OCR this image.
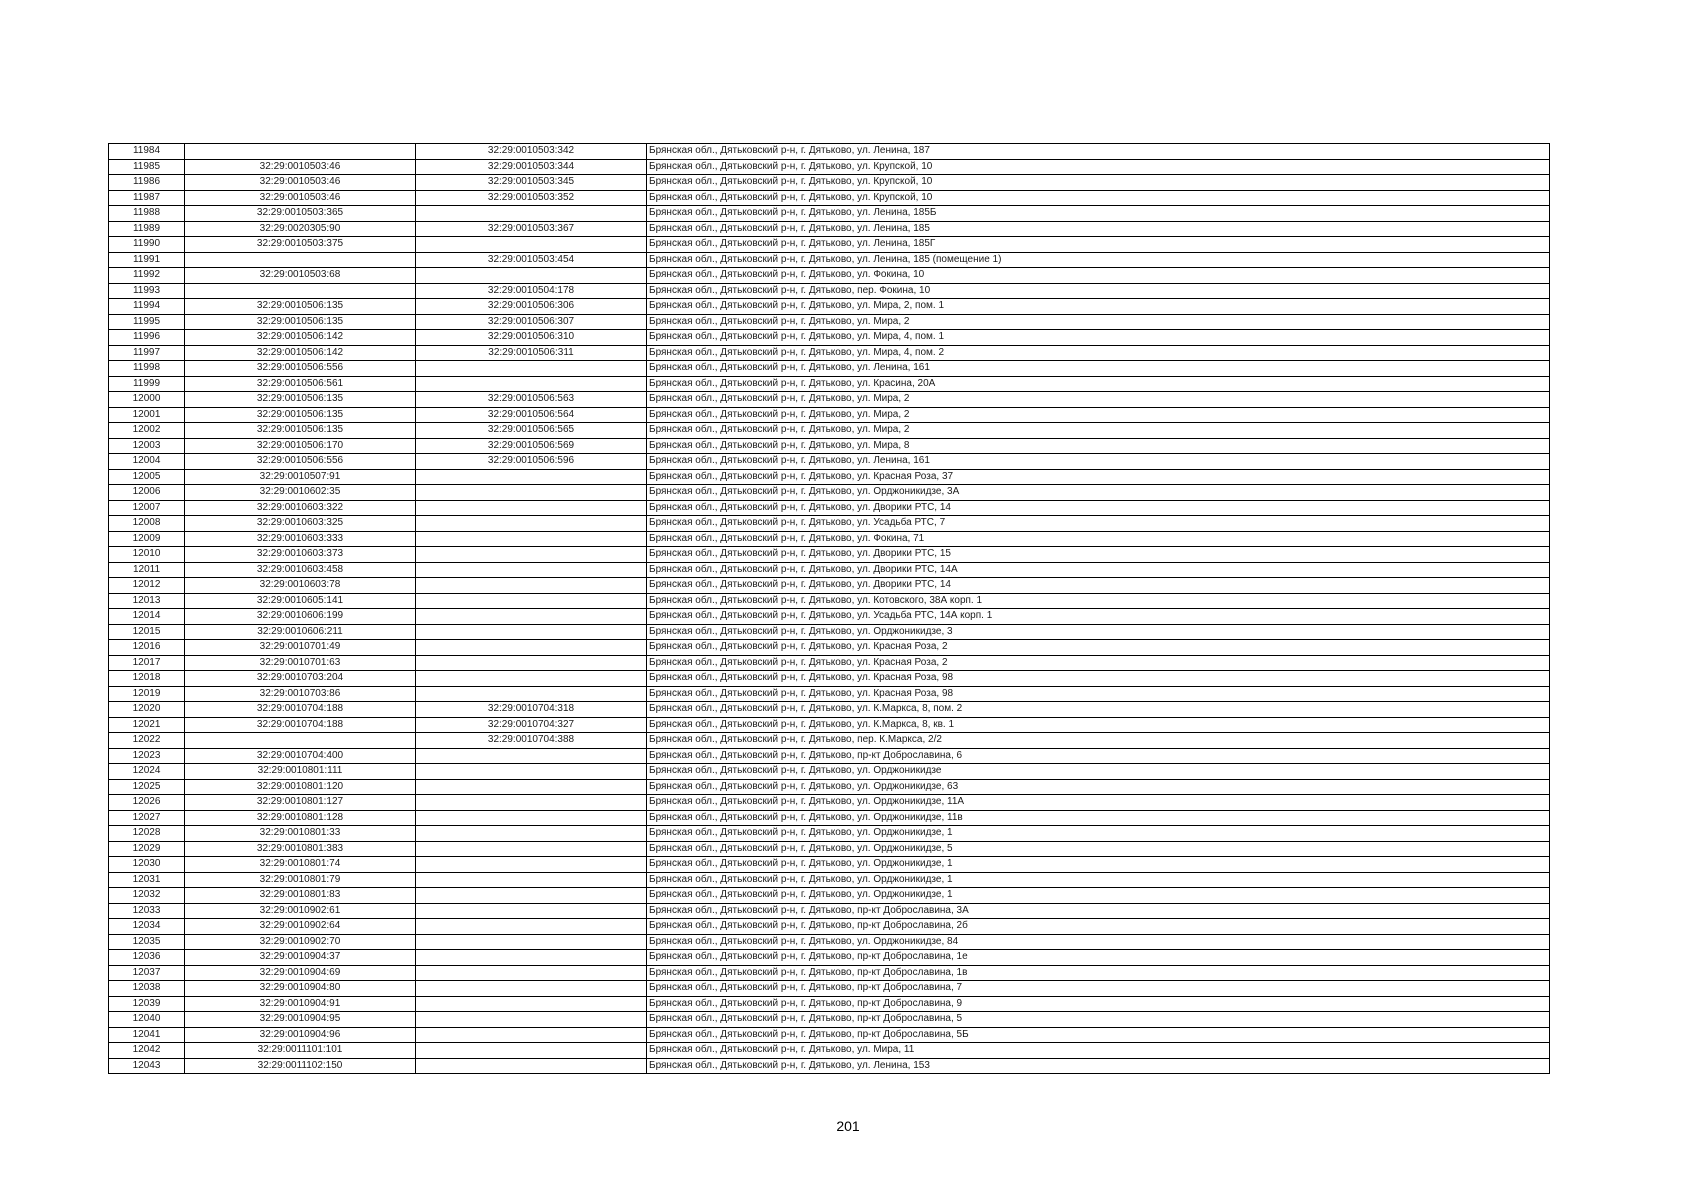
11984		32:29:0010503:342	Брянская обл., Дятьковский р-н, г. Дятьково, ул. Ленина, 187
11985	32:29:0010503:46	32:29:0010503:344	Брянская обл., Дятьковский р-н, г. Дятьково, ул. Крупской, 10
11986	32:29:0010503:46	32:29:0010503:345	Брянская обл., Дятьковский р-н, г. Дятьково, ул. Крупской, 10
11987	32:29:0010503:46	32:29:0010503:352	Брянская обл., Дятьковский р-н, г. Дятьково, ул. Крупской, 10
11988	32:29:0010503:365		Брянская обл., Дятьковский р-н, г. Дятьково, ул. Ленина, 185Б
11989	32:29:0020305:90	32:29:0010503:367	Брянская обл., Дятьковский р-н, г. Дятьково, ул. Ленина, 185
11990	32:29:0010503:375		Брянская обл., Дятьковский р-н, г. Дятьково, ул. Ленина, 185Г
11991		32:29:0010503:454	Брянская обл., Дятьковский р-н, г. Дятьково, ул. Ленина, 185 (помещение 1)
11992	32:29:0010503:68		Брянская обл., Дятьковский р-н, г. Дятьково, ул. Фокина, 10
11993		32:29:0010504:178	Брянская обл., Дятьковский р-н, г. Дятьково, пер. Фокина, 10
11994	32:29:0010506:135	32:29:0010506:306	Брянская обл., Дятьковский р-н, г. Дятьково, ул. Мира, 2, пом. 1
11995	32:29:0010506:135	32:29:0010506:307	Брянская обл., Дятьковский р-н, г. Дятьково, ул. Мира, 2
11996	32:29:0010506:142	32:29:0010506:310	Брянская обл., Дятьковский р-н, г. Дятьково, ул. Мира, 4, пом. 1
11997	32:29:0010506:142	32:29:0010506:311	Брянская обл., Дятьковский р-н, г. Дятьково, ул. Мира, 4, пом. 2
11998	32:29:0010506:556		Брянская обл., Дятьковский р-н, г. Дятьково, ул. Ленина, 161
11999	32:29:0010506:561		Брянская обл., Дятьковский р-н, г. Дятьково, ул. Красина, 20А
12000	32:29:0010506:135	32:29:0010506:563	Брянская обл., Дятьковский р-н, г. Дятьково, ул. Мира, 2
12001	32:29:0010506:135	32:29:0010506:564	Брянская обл., Дятьковский р-н, г. Дятьково, ул. Мира, 2
12002	32:29:0010506:135	32:29:0010506:565	Брянская обл., Дятьковский р-н, г. Дятьково, ул. Мира, 2
12003	32:29:0010506:170	32:29:0010506:569	Брянская обл., Дятьковский р-н, г. Дятьково, ул. Мира, 8
12004	32:29:0010506:556	32:29:0010506:596	Брянская обл., Дятьковский р-н, г. Дятьково, ул. Ленина, 161
12005	32:29:0010507:91		Брянская обл., Дятьковский р-н, г. Дятьково, ул. Красная Роза, 37
12006	32:29:0010602:35		Брянская обл., Дятьковский р-н, г. Дятьково, ул. Орджоникидзе, 3А
12007	32:29:0010603:322		Брянская обл., Дятьковский р-н, г. Дятьково, ул. Дворики РТС, 14
12008	32:29:0010603:325		Брянская обл., Дятьковский р-н, г. Дятьково, ул. Усадьба РТС, 7
12009	32:29:0010603:333		Брянская обл., Дятьковский р-н, г. Дятьково, ул. Фокина, 71
12010	32:29:0010603:373		Брянская обл., Дятьковский р-н, г. Дятьково, ул. Дворики РТС, 15
12011	32:29:0010603:458		Брянская обл., Дятьковский р-н, г. Дятьково, ул. Дворики РТС, 14А
12012	32:29:0010603:78		Брянская обл., Дятьковский р-н, г. Дятьково, ул. Дворики РТС, 14
12013	32:29:0010605:141		Брянская обл., Дятьковский р-н, г. Дятьково, ул. Котовского, 38А корп. 1
12014	32:29:0010606:199		Брянская обл., Дятьковский р-н, г. Дятьково, ул. Усадьба РТС, 14А корп. 1
12015	32:29:0010606:211		Брянская обл., Дятьковский р-н, г. Дятьково, ул. Орджоникидзе, 3
12016	32:29:0010701:49		Брянская обл., Дятьковский р-н, г. Дятьково, ул. Красная Роза, 2
12017	32:29:0010701:63		Брянская обл., Дятьковский р-н, г. Дятьково, ул. Красная Роза, 2
12018	32:29:0010703:204		Брянская обл., Дятьковский р-н, г. Дятьково, ул. Красная Роза, 98
12019	32:29:0010703:86		Брянская обл., Дятьковский р-н, г. Дятьково, ул. Красная Роза, 98
12020	32:29:0010704:188	32:29:0010704:318	Брянская обл., Дятьковский р-н, г. Дятьково, ул. К.Маркса, 8, пом. 2
12021	32:29:0010704:188	32:29:0010704:327	Брянская обл., Дятьковский р-н, г. Дятьково, ул. К.Маркса, 8, кв. 1
12022		32:29:0010704:388	Брянская обл., Дятьковский р-н, г. Дятьково, пер. К.Маркса, 2/2
12023	32:29:0010704:400		Брянская обл., Дятьковский р-н, г. Дятьково, пр-кт Доброславина, 6
12024	32:29:0010801:111		Брянская обл., Дятьковский р-н, г. Дятьково, ул. Орджоникидзе
12025	32:29:0010801:120		Брянская обл., Дятьковский р-н, г. Дятьково, ул. Орджоникидзе, 63
12026	32:29:0010801:127		Брянская обл., Дятьковский р-н, г. Дятьково, ул. Орджоникидзе, 11А
12027	32:29:0010801:128		Брянская обл., Дятьковский р-н, г. Дятьково, ул. Орджоникидзе, 11в
12028	32:29:0010801:33		Брянская обл., Дятьковский р-н, г. Дятьково, ул. Орджоникидзе, 1
12029	32:29:0010801:383		Брянская обл., Дятьковский р-н, г. Дятьково, ул. Орджоникидзе, 5
12030	32:29:0010801:74		Брянская обл., Дятьковский р-н, г. Дятьково, ул. Орджоникидзе, 1
12031	32:29:0010801:79		Брянская обл., Дятьковский р-н, г. Дятьково, ул. Орджоникидзе, 1
12032	32:29:0010801:83		Брянская обл., Дятьковский р-н, г. Дятьково, ул. Орджоникидзе, 1
12033	32:29:0010902:61		Брянская обл., Дятьковский р-н, г. Дятьково, пр-кт Доброславина, 3А
12034	32:29:0010902:64		Брянская обл., Дятьковский р-н, г. Дятьково, пр-кт Доброславина, 2б
12035	32:29:0010902:70		Брянская обл., Дятьковский р-н, г. Дятьково, ул. Орджоникидзе, 84
12036	32:29:0010904:37		Брянская обл., Дятьковский р-н, г. Дятьково, пр-кт Доброславина, 1е
12037	32:29:0010904:69		Брянская обл., Дятьковский р-н, г. Дятьково, пр-кт Доброславина, 1в
12038	32:29:0010904:80		Брянская обл., Дятьковский р-н, г. Дятьково, пр-кт Доброславина, 7
12039	32:29:0010904:91		Брянская обл., Дятьковский р-н, г. Дятьково, пр-кт Доброславина, 9
12040	32:29:0010904:95		Брянская обл., Дятьковский р-н, г. Дятьково, пр-кт Доброславина, 5
12041	32:29:0010904:96		Брянская обл., Дятьковский р-н, г. Дятьково, пр-кт Доброславина, 5Б
12042	32:29:0011101:101		Брянская обл., Дятьковский р-н, г. Дятьково, ул. Мира, 11
12043	32:29:0011102:150		Брянская обл., Дятьковский р-н, г. Дятьково, ул. Ленина, 153
201
